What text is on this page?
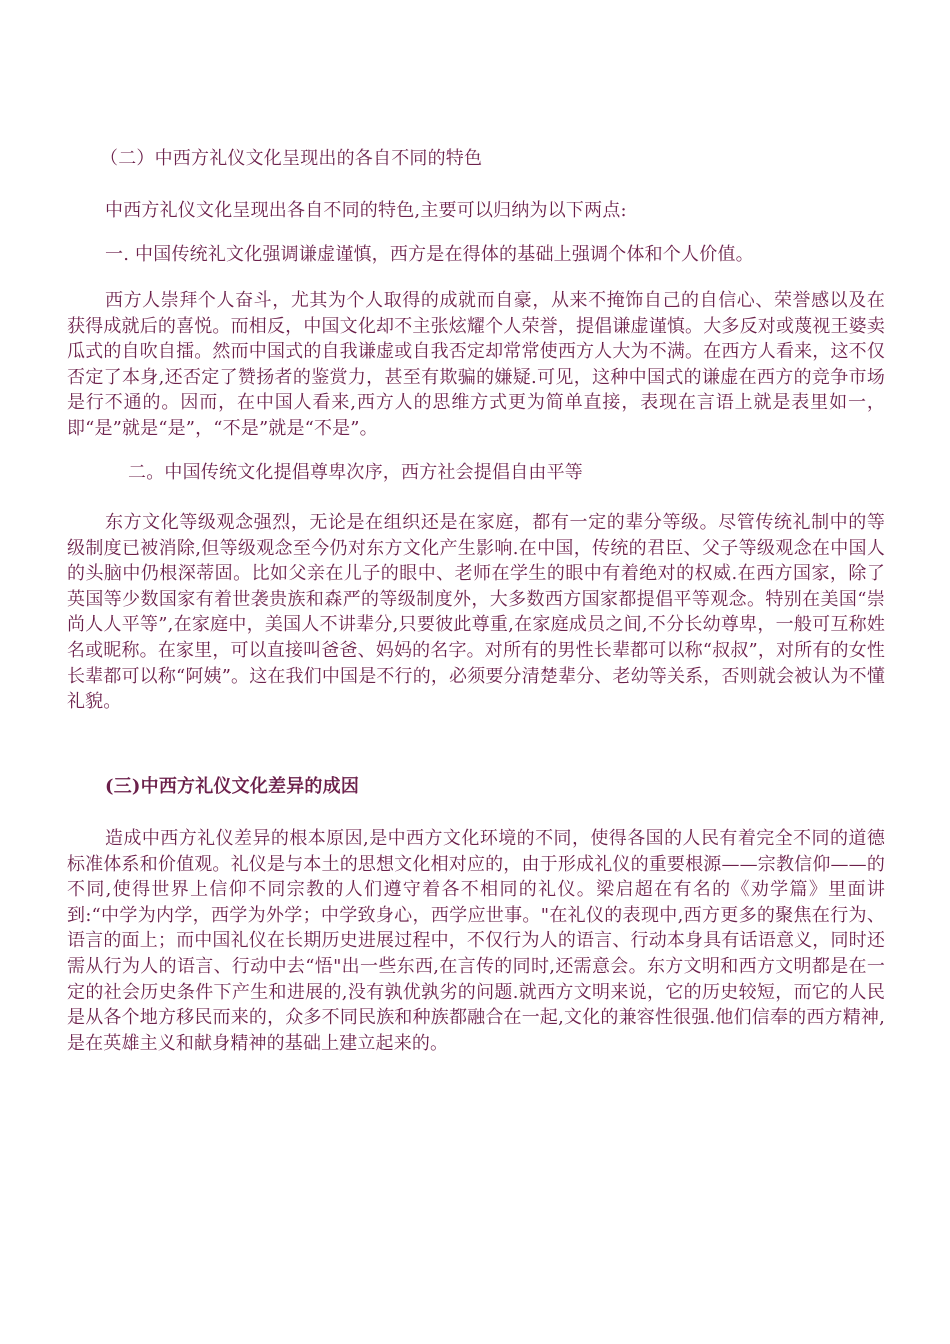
（二）中西方礼仪文化呈现出的各自不同的特色
中西方礼仪文化呈现出各自不同的特色,主要可以归纳为以下两点:
一. 中国传统礼文化强调谦虚谨慎，西方是在得体的基础上强调个体和个人价值。
西方人崇拜个人奋斗，尤其为个人取得的成就而自豪，从来不掩饰自己的自信心、荣誉感以及在获得成就后的喜悦。而相反，中国文化却不主张炫耀个人荣誉，提倡谦虚谨慎。大多反对或蔑视王婆卖瓜式的自吹自擂。然而中国式的自我谦虚或自我否定却常常使西方人大为不满。在西方人看来，这不仅否定了本身,还否定了赞扬者的鉴赏力，甚至有欺骗的嫌疑.可见，这种中国式的谦虚在西方的竞争市场是行不通的。因而，在中国人看来,西方人的思维方式更为简单直接，表现在言语上就是表里如一，即“是”就是“是”，“不是”就是“不是”。
二。中国传统文化提倡尊卑次序，西方社会提倡自由平等
东方文化等级观念强烈，无论是在组织还是在家庭，都有一定的辈分等级。尽管传统礼制中的等级制度已被消除,但等级观念至今仍对东方文化产生影响.在中国，传统的君臣、父子等级观念在中国人的头脑中仍根深蒂固。比如父亲在儿子的眼中、老师在学生的眼中有着绝对的权威.在西方国家，除了英国等少数国家有着世袭贵族和森严的等级制度外，大多数西方国家都提倡平等观念。特别在美国“崇尚人人平等”,在家庭中，美国人不讲辈分,只要彼此尊重,在家庭成员之间,不分长幼尊卑，一般可互称姓名或昵称。在家里，可以直接叫爸爸、妈妈的名字。对所有的男性长辈都可以称“叔叔”，对所有的女性长辈都可以称“阿姨”。这在我们中国是不行的，必须要分清楚辈分、老幼等关系，否则就会被认为不懂礼貌。
(三)中西方礼仪文化差异的成因
造成中西方礼仪差异的根本原因,是中西方文化环境的不同，使得各国的人民有着完全不同的道德标准体系和价值观。礼仪是与本土的思想文化相对应的，由于形成礼仪的重要根源——宗教信仰——的不同,使得世界上信仰不同宗教的人们遵守着各不相同的礼仪。梁启超在有名的《劝学篇》里面讲到:“中学为内学，西学为外学；中学致身心，西学应世事。"在礼仪的表现中,西方更多的聚焦在行为、语言的面上；而中国礼仪在长期历史进展过程中，不仅行为人的语言、行动本身具有话语意义，同时还需从行为人的语言、行动中去“悟"出一些东西,在言传的同时,还需意会。东方文明和西方文明都是在一定的社会历史条件下产生和进展的,没有孰优孰劣的问题.就西方文明来说，它的历史较短，而它的人民是从各个地方移民而来的，众多不同民族和种族都融合在一起,文化的兼容性很强.他们信奉的西方精神,是在英雄主义和献身精神的基础上建立起来的。
